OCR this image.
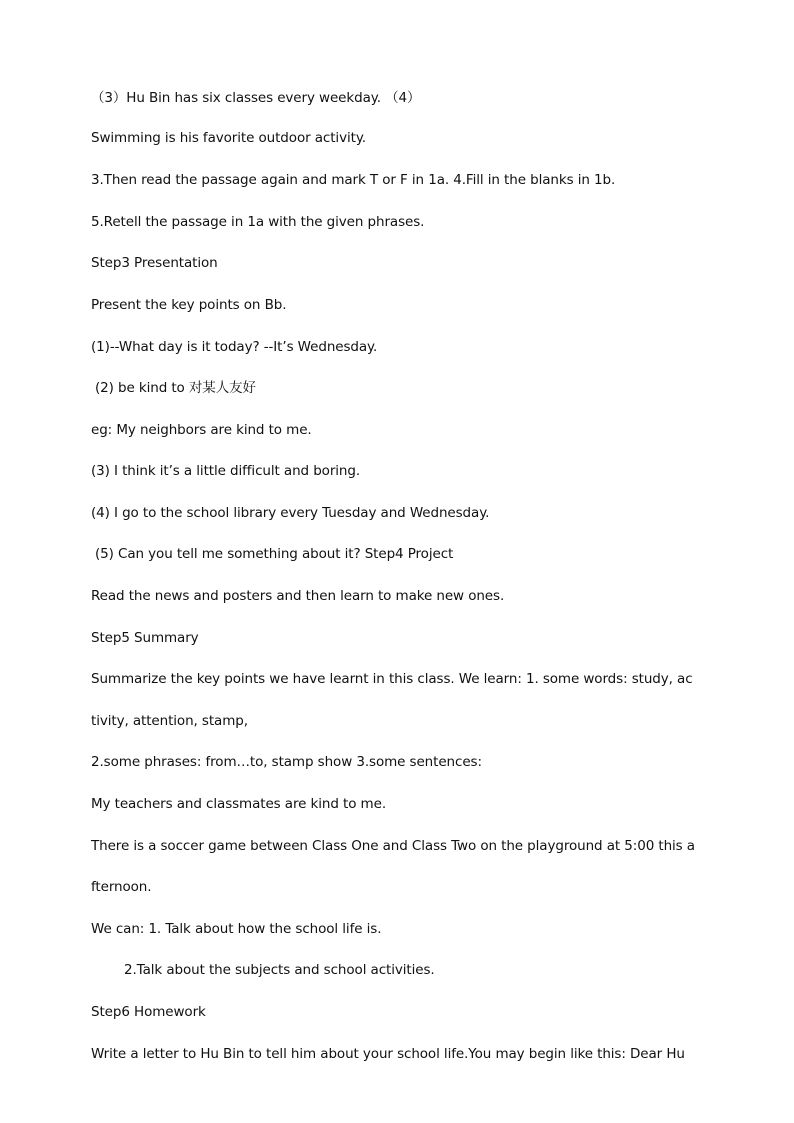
（3）Hu Bin has six classes every weekday. （4）

Swimming is his favorite outdoor activity.

3.Then read the passage again and mark T or F in 1a. 4.Fill in the blanks in 1b.

5.Retell the passage in 1a with the given phrases.

Step3 Presentation

Present the key points on Bb.

(1)--What day is it today? --It’s Wednesday.

(2) be kind to 对某人友好

eg: My neighbors are kind to me.

(3) I think it’s a little difficult and boring.

(4) I go to the school library every Tuesday and Wednesday.

(5) Can you tell me something about it? Step4 Project

Read the news and posters and then learn to make new ones.

Step5 Summary

Summarize the key points we have learnt in this class. We learn: 1. some words: study, ac

tivity, attention, stamp,

2.some phrases: from…to, stamp show 3.some sentences:

My teachers and classmates are kind to me.

There is a soccer game between Class One and Class Two on the playground at 5:00 this a

fternoon.

We can: 1. Talk about how the school life is.

2.Talk about the subjects and school activities.

Step6 Homework

Write a letter to Hu Bin to tell him about your school life.You may begin like this: Dear Hu
